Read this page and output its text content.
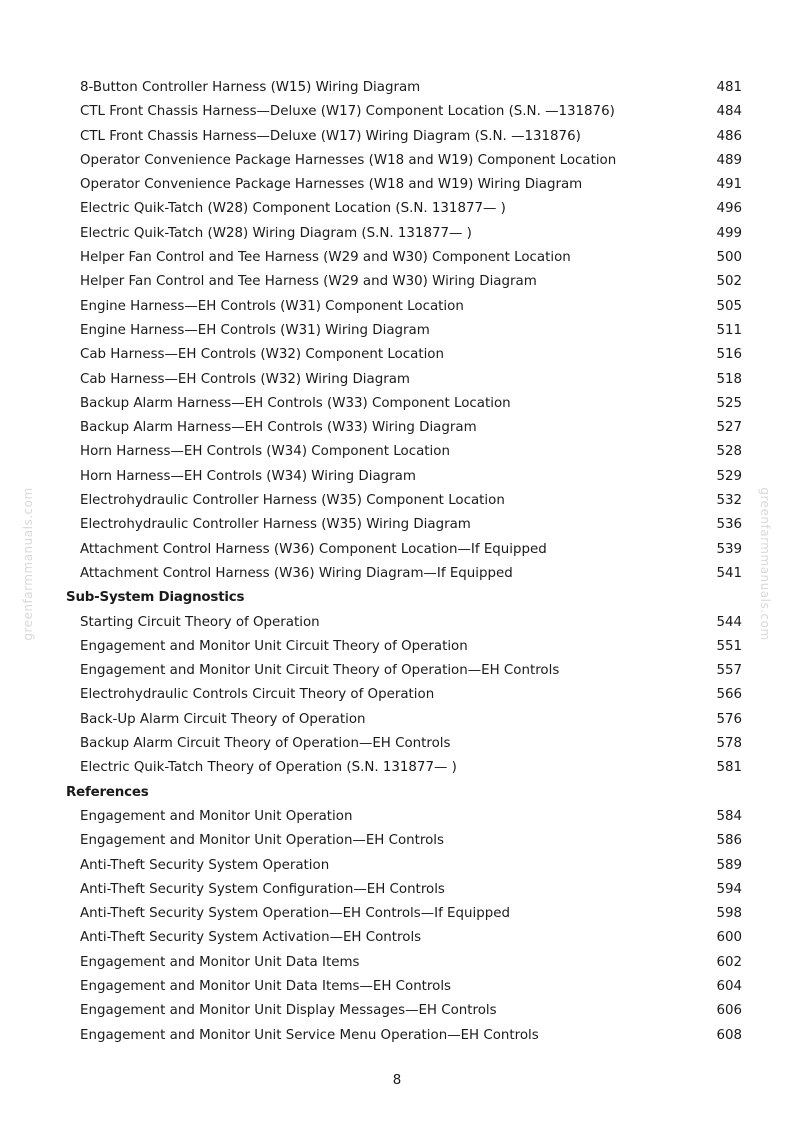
8-Button Controller Harness (W15) Wiring Diagram	481
CTL Front Chassis Harness—Deluxe (W17) Component Location (S.N. —131876)	484
CTL Front Chassis Harness—Deluxe (W17) Wiring Diagram (S.N. —131876)	486
Operator Convenience Package Harnesses (W18 and W19) Component Location	489
Operator Convenience Package Harnesses (W18 and W19) Wiring Diagram	491
Electric Quik-Tatch (W28) Component Location (S.N. 131877— )	496
Electric Quik-Tatch (W28) Wiring Diagram (S.N. 131877— )	499
Helper Fan Control and Tee Harness (W29 and W30) Component Location	500
Helper Fan Control and Tee Harness (W29 and W30) Wiring Diagram	502
Engine Harness—EH Controls (W31) Component Location	505
Engine Harness—EH Controls (W31) Wiring Diagram	511
Cab Harness—EH Controls (W32) Component Location	516
Cab Harness—EH Controls (W32) Wiring Diagram	518
Backup Alarm Harness—EH Controls (W33) Component Location	525
Backup Alarm Harness—EH Controls (W33) Wiring Diagram	527
Horn Harness—EH Controls (W34) Component Location	528
Horn Harness—EH Controls (W34) Wiring Diagram	529
Electrohydraulic Controller Harness (W35) Component Location	532
Electrohydraulic Controller Harness (W35) Wiring Diagram	536
Attachment Control Harness (W36) Component Location—If Equipped	539
Attachment Control Harness (W36) Wiring Diagram—If Equipped	541
Sub-System Diagnostics
Starting Circuit Theory of Operation	544
Engagement and Monitor Unit Circuit Theory of Operation	551
Engagement and Monitor Unit Circuit Theory of Operation—EH Controls	557
Electrohydraulic Controls Circuit Theory of Operation	566
Back-Up Alarm Circuit Theory of Operation	576
Backup Alarm Circuit Theory of Operation—EH Controls	578
Electric Quik-Tatch Theory of Operation (S.N. 131877— )	581
References
Engagement and Monitor Unit Operation	584
Engagement and Monitor Unit Operation—EH Controls	586
Anti-Theft Security System Operation	589
Anti-Theft Security System Configuration—EH Controls	594
Anti-Theft Security System Operation—EH Controls—If Equipped	598
Anti-Theft Security System Activation—EH Controls	600
Engagement and Monitor Unit Data Items	602
Engagement and Monitor Unit Data Items—EH Controls	604
Engagement and Monitor Unit Display Messages—EH Controls	606
Engagement and Monitor Unit Service Menu Operation—EH Controls	608
8
greenfarmmanuals.com	greenfarmmanuals.com
